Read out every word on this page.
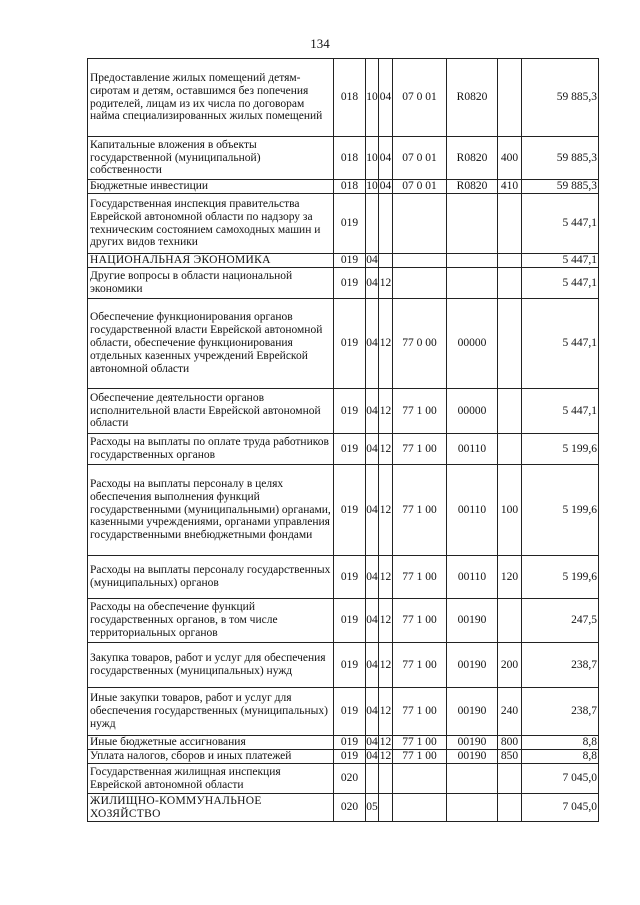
134
Предоставление жилых помещений детям-сиротам и детям, оставшимся без попечения родителей, лицам из их числа по договорам найма специализированных жилых помещений	018	10	04	07 0 01	R0820		59 885,3
Капитальные вложения в объекты государственной (муниципальной) собственности	018	10	04	07 0 01	R0820	400	59 885,3
Бюджетные инвестиции	018	10	04	07 0 01	R0820	410	59 885,3
Государственная инспекция правительства Еврейской автономной области по надзору за техническим состоянием самоходных машин и других видов техники	019						5 447,1
НАЦИОНАЛЬНАЯ ЭКОНОМИКА	019	04					5 447,1
Другие вопросы в области национальной экономики	019	04	12				5 447,1
Обеспечение функционирования органов государственной власти Еврейской автономной области, обеспечение функционирования отдельных казенных учреждений Еврейской автономной области	019	04	12	77 0 00	00000		5 447,1
Обеспечение деятельности органов исполнительной власти Еврейской автономной области	019	04	12	77 1 00	00000		5 447,1
Расходы на выплаты по оплате труда работников государственных органов	019	04	12	77 1 00	00110		5 199,6
Расходы на выплаты персоналу в целях обеспечения выполнения функций государственными (муниципальными) органами, казенными учреждениями, органами управления государственными внебюджетными фондами	019	04	12	77 1 00	00110	100	5 199,6
Расходы на выплаты персоналу государственных (муниципальных) органов	019	04	12	77 1 00	00110	120	5 199,6
Расходы на обеспечение функций государственных органов, в том числе территориальных органов	019	04	12	77 1 00	00190		247,5
Закупка товаров, работ и услуг для обеспечения государственных (муниципальных) нужд	019	04	12	77 1 00	00190	200	238,7
Иные закупки товаров, работ и услуг для обеспечения государственных (муниципальных) нужд	019	04	12	77 1 00	00190	240	238,7
Иные бюджетные ассигнования	019	04	12	77 1 00	00190	800	8,8
Уплата налогов, сборов и иных платежей	019	04	12	77 1 00	00190	850	8,8
Государственная жилищная инспекция Еврейской автономной области	020						7 045,0
ЖИЛИЩНО-КОММУНАЛЬНОЕ ХОЗЯЙСТВО	020	05					7 045,0
